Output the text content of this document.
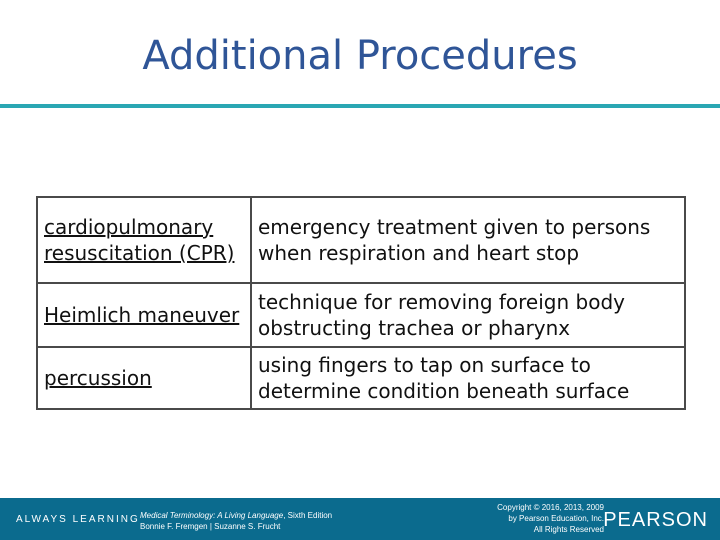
Additional Procedures
cardiopulmonary resuscitation (CPR)	emergency treatment given to persons when respiration and heart stop
Heimlich maneuver	technique for removing foreign body obstructing trachea or pharynx
percussion	using fingers to tap on surface to determine condition beneath surface
ALWAYS LEARNING Medical Terminology: A Living Language, Sixth Edition
Bonnie F. Fremgen | Suzanne S. Frucht
Copyright © 2016, 2013, 2009
by Pearson Education, Inc.
All Rights Reserved PEARSON
